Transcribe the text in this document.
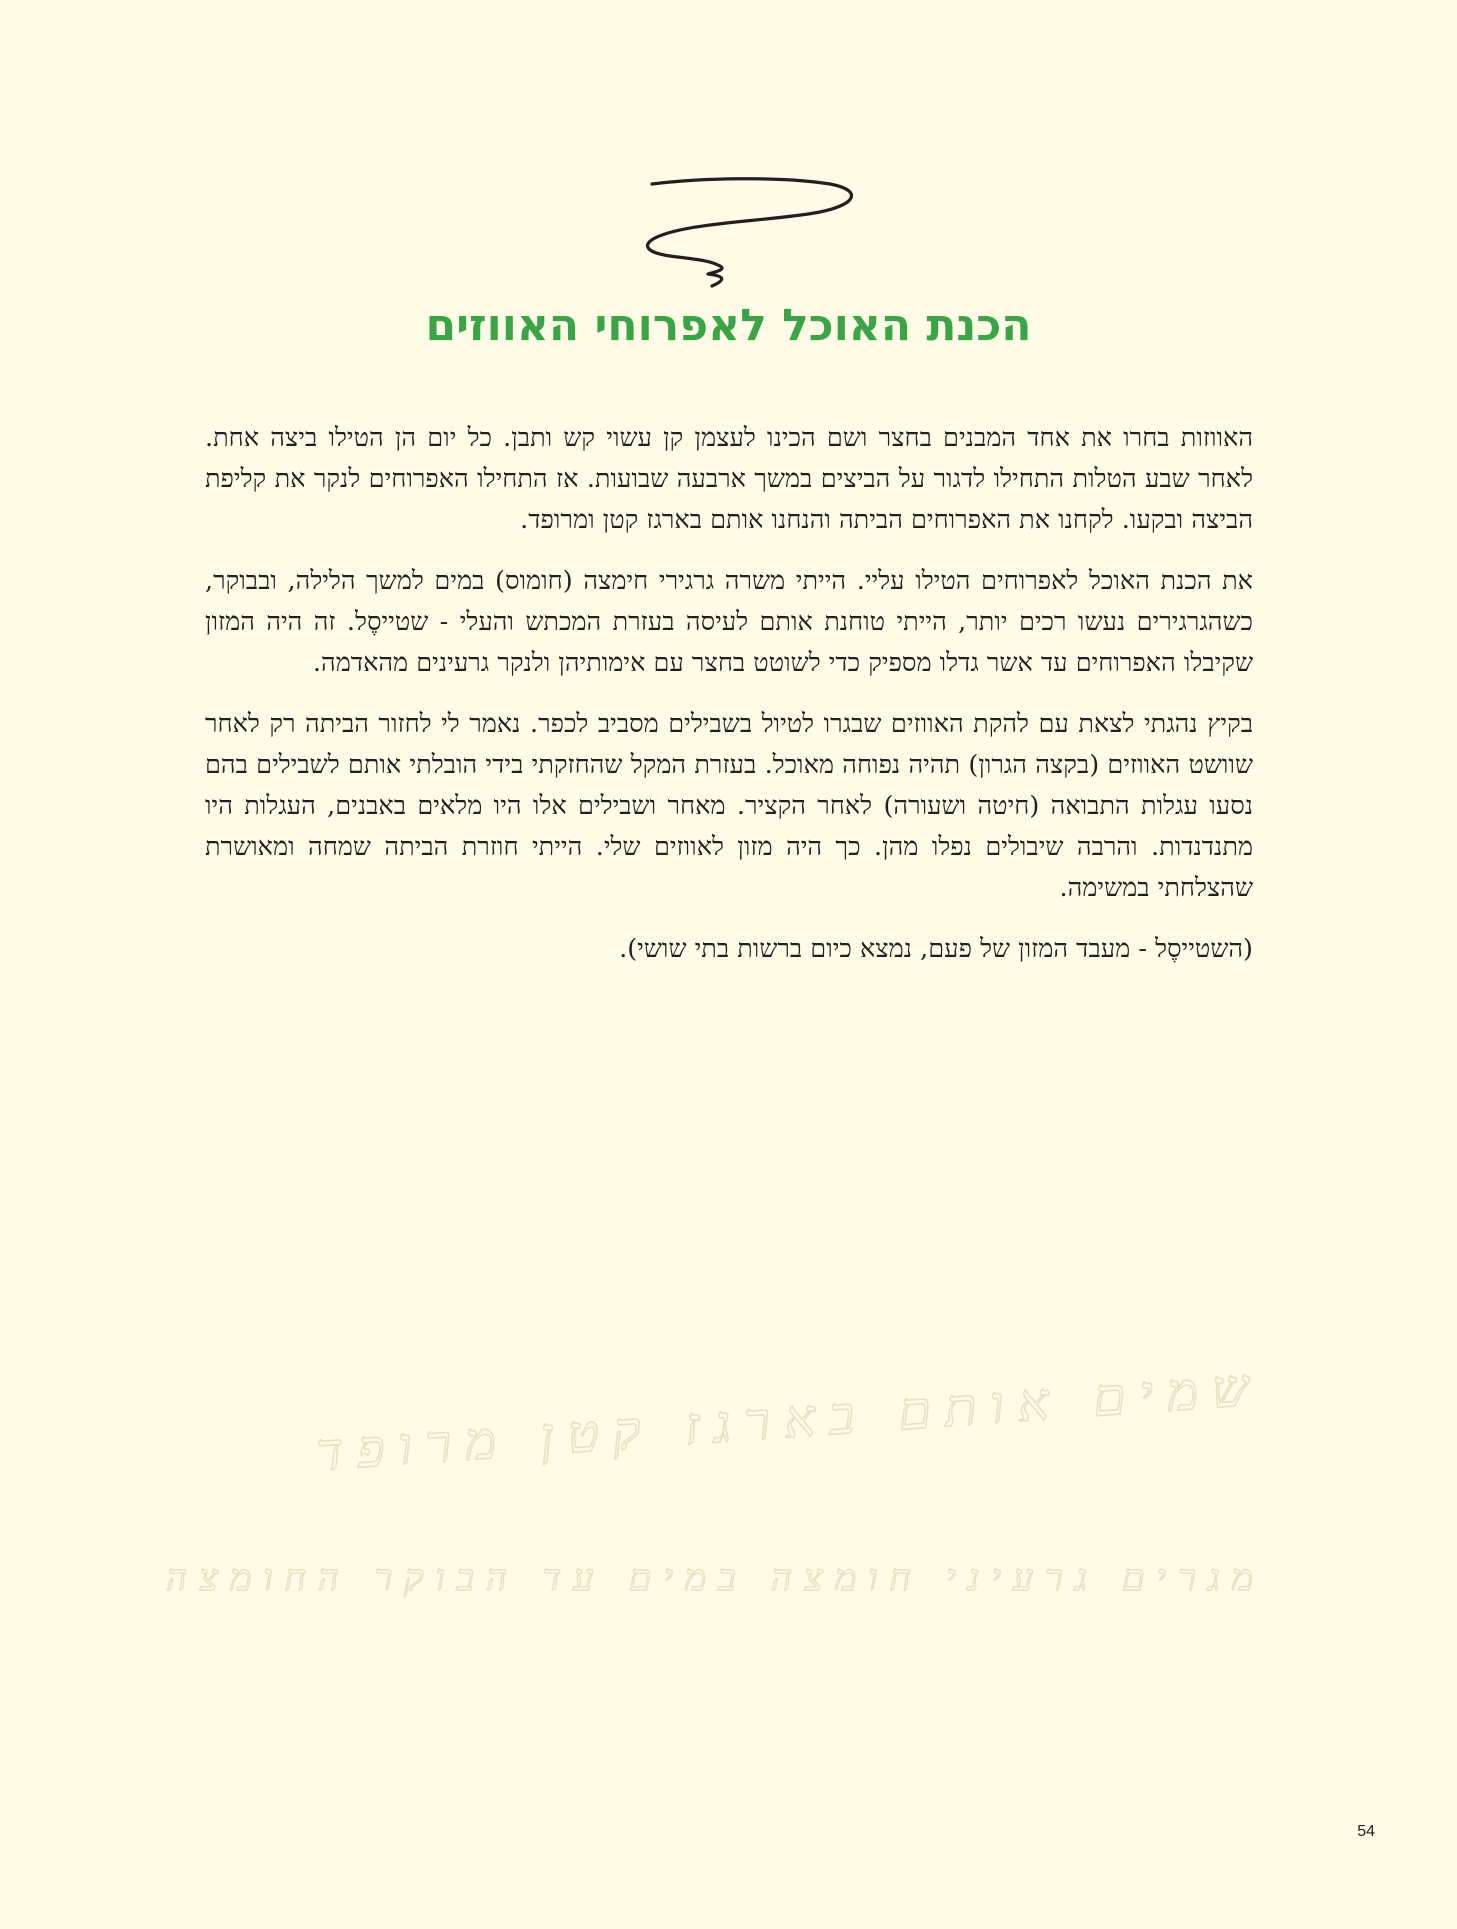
הכנת האוכל לאפרוחי האווזים

האווזות בחרו את אחד המבנים בחצר ושם הכינו לעצמן קן עשוי קש ותבן. כל יום הן הטילו ביצה אחת. לאחר שבע הטלות התחילו לדגור על הביצים במשך ארבעה שבועות. אז התחילו האפרוחים לנקר את קליפת הביצה ובקעו. לקחנו את האפרוחים הביתה והנחנו אותם בארגז קטן ומרופד.

את הכנת האוכל לאפרוחים הטילו עליי. הייתי משרה גרגירי חימצה (חומוס) במים למשך הלילה, ובבוקר, כשהגרגירים נעשו רכים יותר, הייתי טוחנת אותם לעיסה בעזרת המכתש והעלי - שטייסֶל. זה היה המזון שקיבלו האפרוחים עד אשר גדלו מספיק כדי לשוטט בחצר עם אימותיהן ולנקר גרעינים מהאדמה.

בקיץ נהגתי לצאת עם להקת האווזים שבגרו לטיול בשבילים מסביב לכפר. נאמר לי לחזור הביתה רק לאחר שוושט האווזים (בקצה הגרון) תהיה נפוחה מאוכל. בעזרת המקל שהחזקתי בידי הובלתי אותם לשבילים בהם נסעו עגלות התבואה (חיטה ושעורה) לאחר הקציר. מאחר ושבילים אלו היו מלאים באבנים, העגלות היו מתנדנדות. והרבה שיבולים נפלו מהן. כך היה מזון לאווזים שלי. הייתי חוזרת הביתה שמחה ומאושרת שהצלחתי במשימה.

(השטייסֶל - מעבד המזון של פעם, נמצא כיום ברשות בתי שושי).

שמים אותם בארגז קטן מרופד
מגרים גרעיני חומצה במים עד הבוקר החומצה
54
